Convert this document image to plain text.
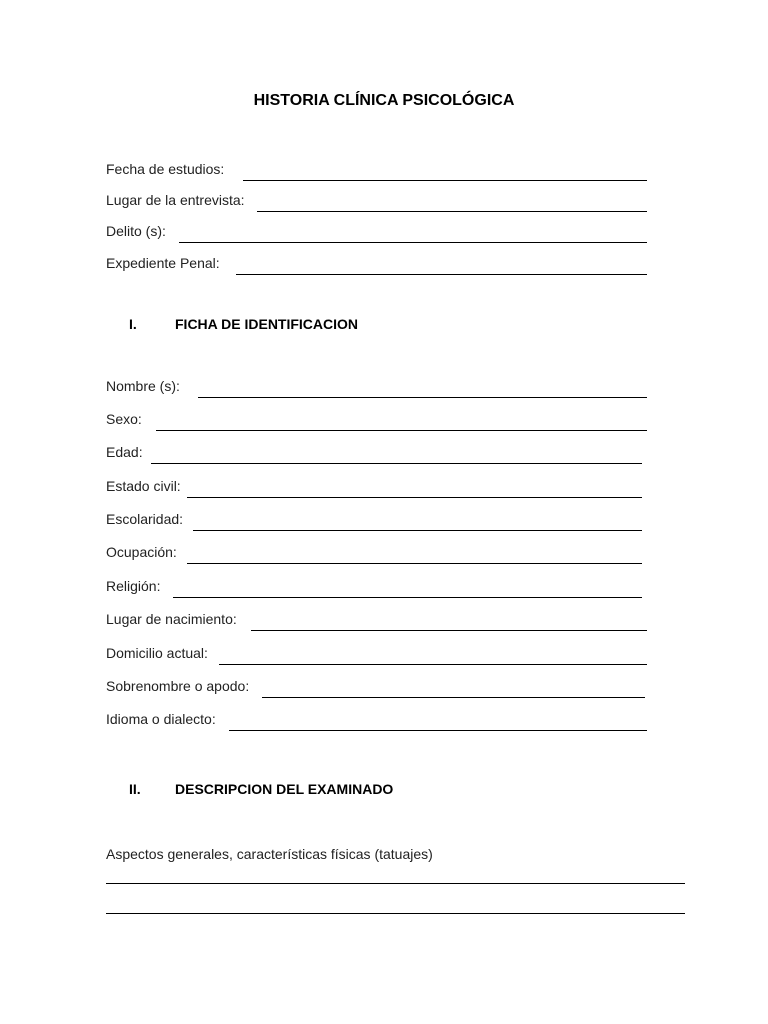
HISTORIA CLÍNICA PSICOLÓGICA
Fecha de estudios:
Lugar de la entrevista:
Delito (s):
Expediente Penal:
I.	FICHA DE IDENTIFICACION
Nombre (s):
Sexo:
Edad:
Estado civil:
Escolaridad:
Ocupación:
Religión:
Lugar de nacimiento:
Domicilio actual:
Sobrenombre o apodo:
Idioma o dialecto:
II. DESCRIPCION DEL EXAMINADO
Aspectos generales, características físicas (tatuajes)
